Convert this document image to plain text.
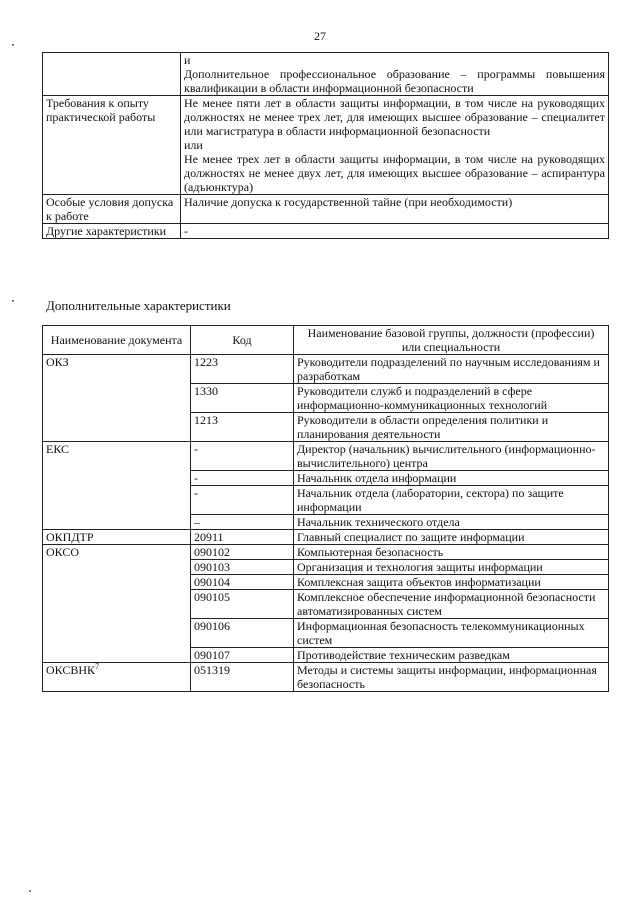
27

	и
Дополнительное профессиональное образование – программы повышения квалификации в области информационной безопасности

Требования к опыту практической работы	Не менее пяти лет в области защиты информации, в том числе на руководящих должностях не менее трех лет, для имеющих высшее образование – специалитет или магистратура в области информационной безопасности
или
Не менее трех лет в области защиты информации, в том числе на руководящих должностях не менее двух лет, для имеющих высшее образование – аспирантура (адъюнктура)

Особые условия допуска к работе	Наличие допуска к государственной тайне (при необходимости)

Другие характеристики	-
Дополнительные характеристики
Наименование документа	Код	Наименование базовой группы, должности (профессии) или специальности
ОКЗ	1223	Руководители подразделений по научным исследованиям и разработкам
	1330	Руководители служб и подразделений в сфере информационно-коммуникационных технологий
	1213	Руководители в области определения политики и планирования деятельности
ЕКС	-	Директор (начальник) вычислительного (информационно-вычислительного) центра
	-	Начальник отдела информации
	-	Начальник отдела (лаборатории, сектора) по защите информации
	–	Начальник технического отдела
ОКПДТР	20911	Главный специалист по защите информации
ОКСО	090102	Компьютерная безопасность
	090103	Организация и технология защиты информации
	090104	Комплексная защита объектов информатизации
	090105	Комплексное обеспечение информационной безопасности автоматизированных систем
	090106	Информационная безопасность телекоммуникационных систем
	090107	Противодействие техническим разведкам
ОКСВНК$^7$	051319	Методы и системы защиты информации, информационная безопасность
